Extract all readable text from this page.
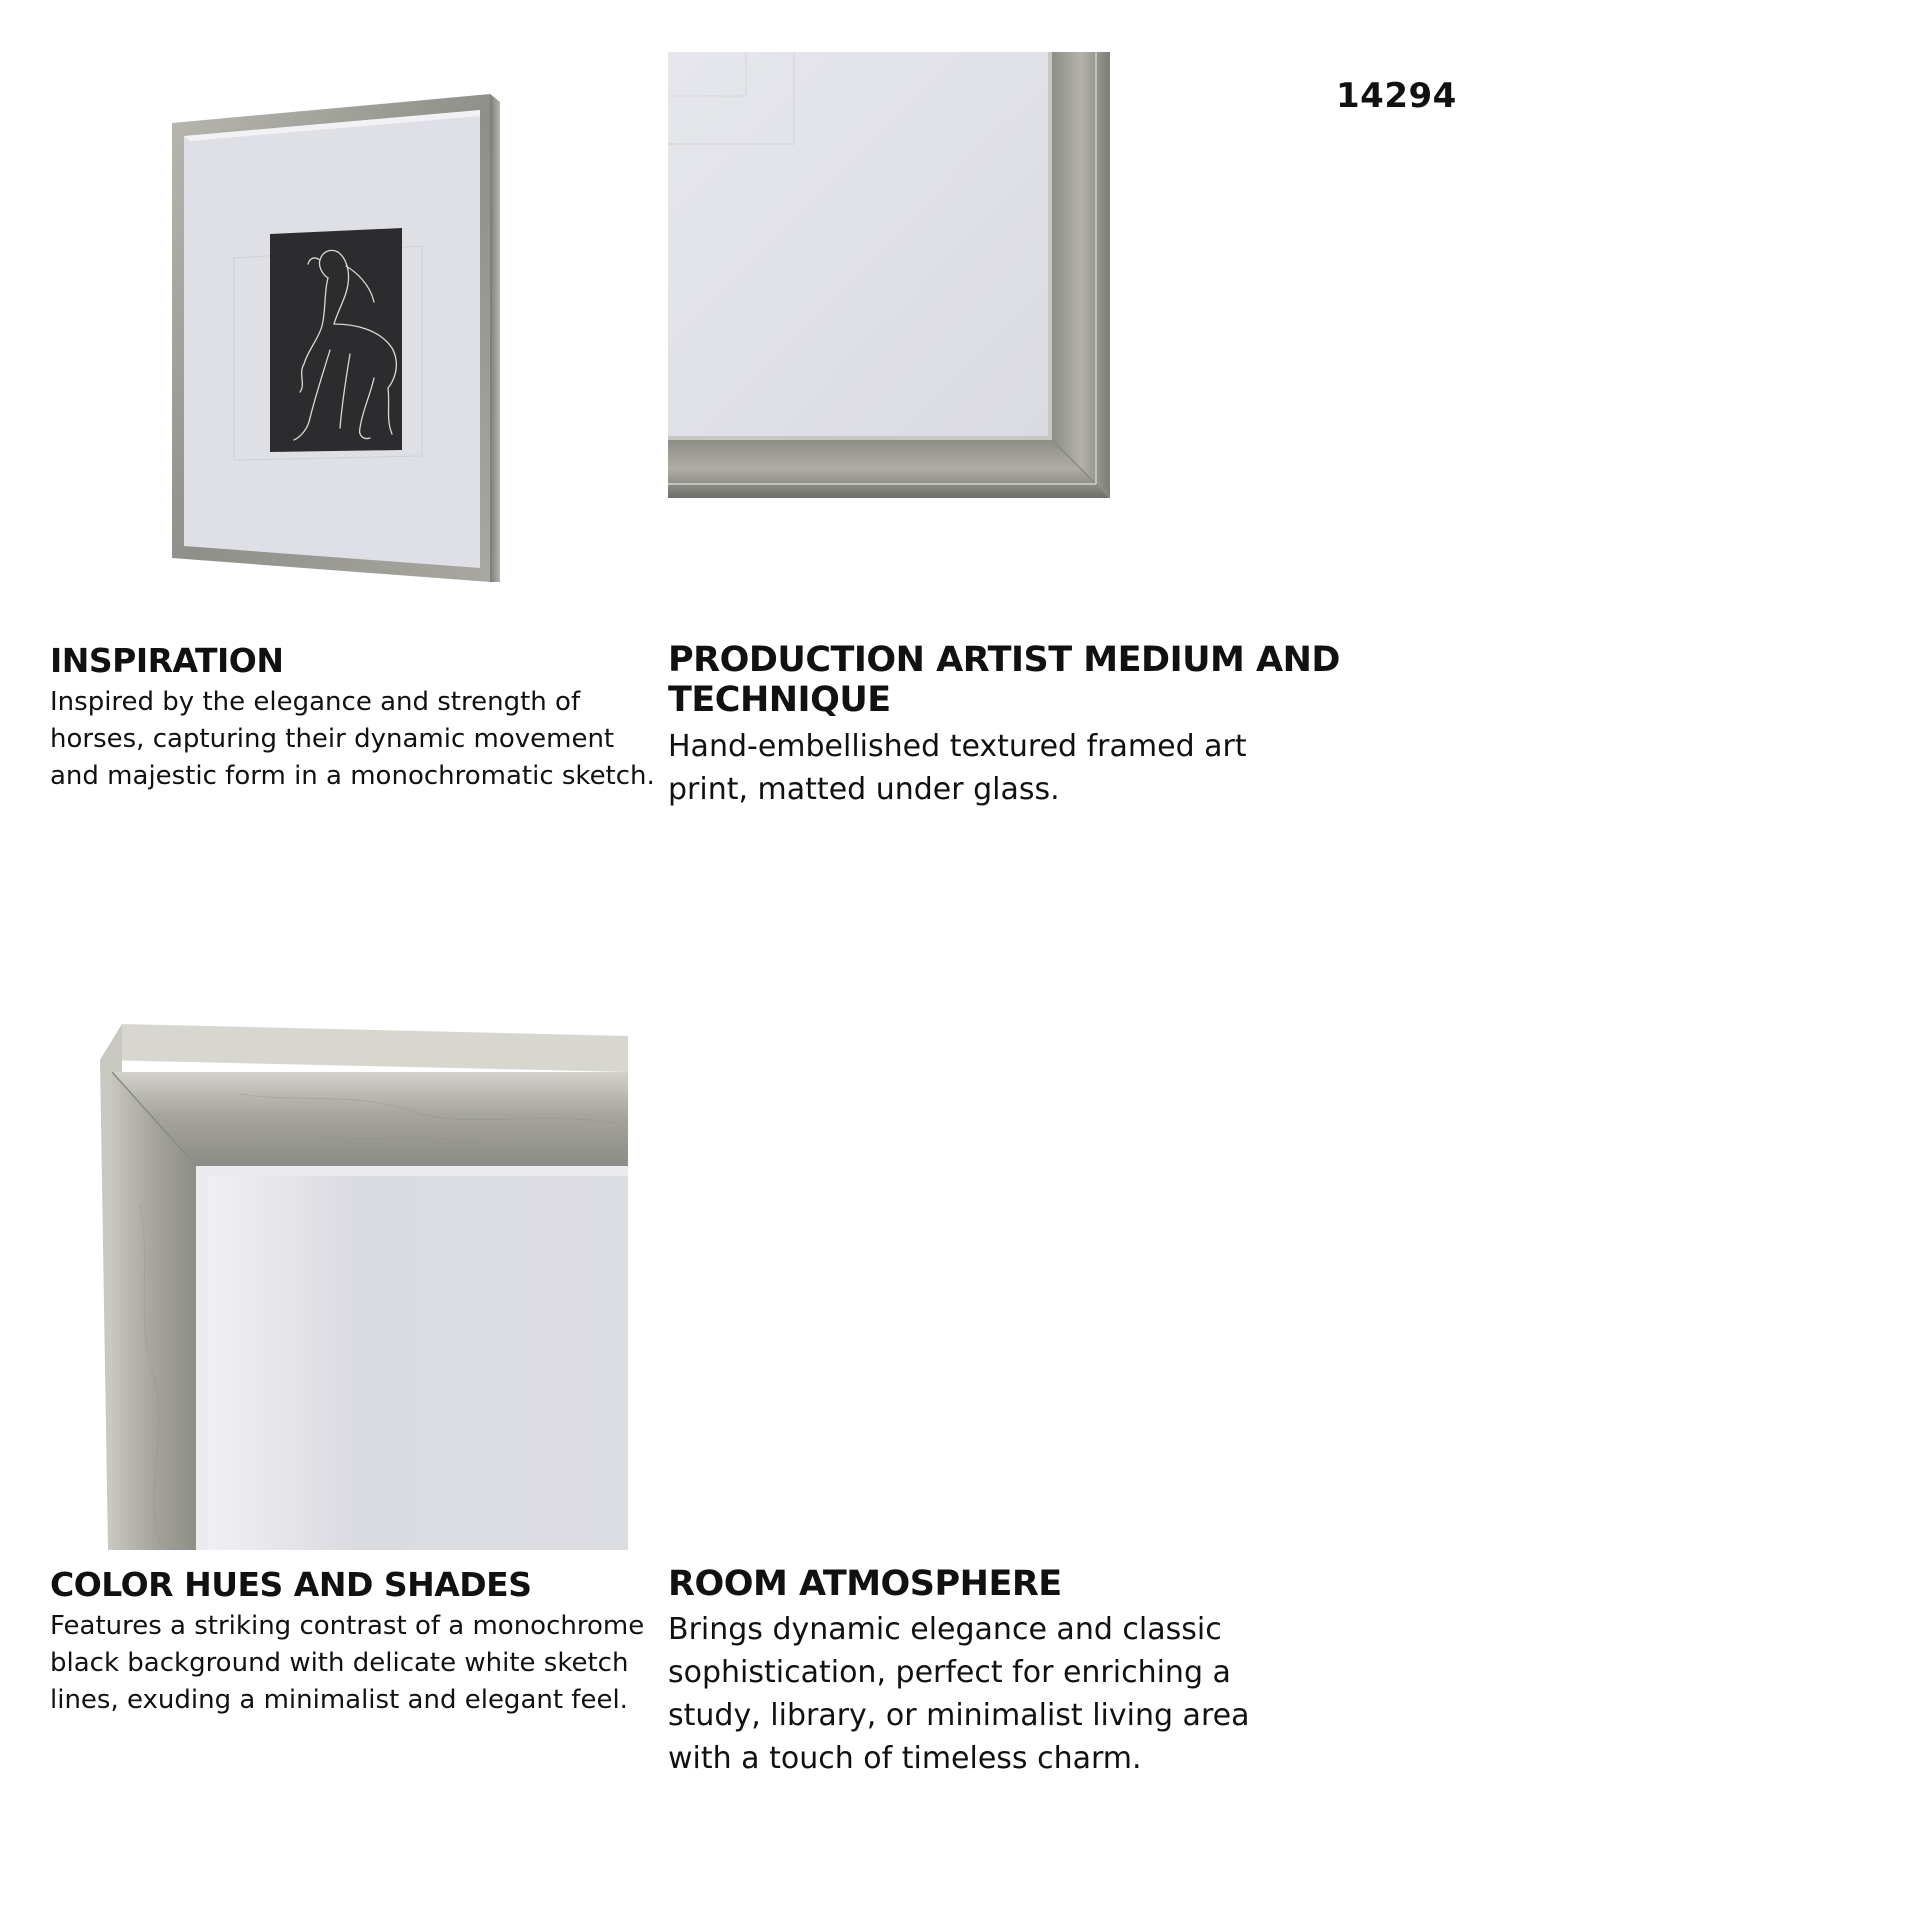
14294
INSPIRATION

Inspired by the elegance and strength of
horses, capturing their dynamic movement
and majestic form in a monochromatic sketch.

PRODUCTION ARTIST MEDIUM AND TECHNIQUE

Hand-embellished textured framed art
print, matted under glass.

COLOR HUES AND SHADES

Features a striking contrast of a monochrome
black background with delicate white sketch
lines, exuding a minimalist and elegant feel.

ROOM ATMOSPHERE

Brings dynamic elegance and classic
sophistication, perfect for enriching a
study, library, or minimalist living area
with a touch of timeless charm.
